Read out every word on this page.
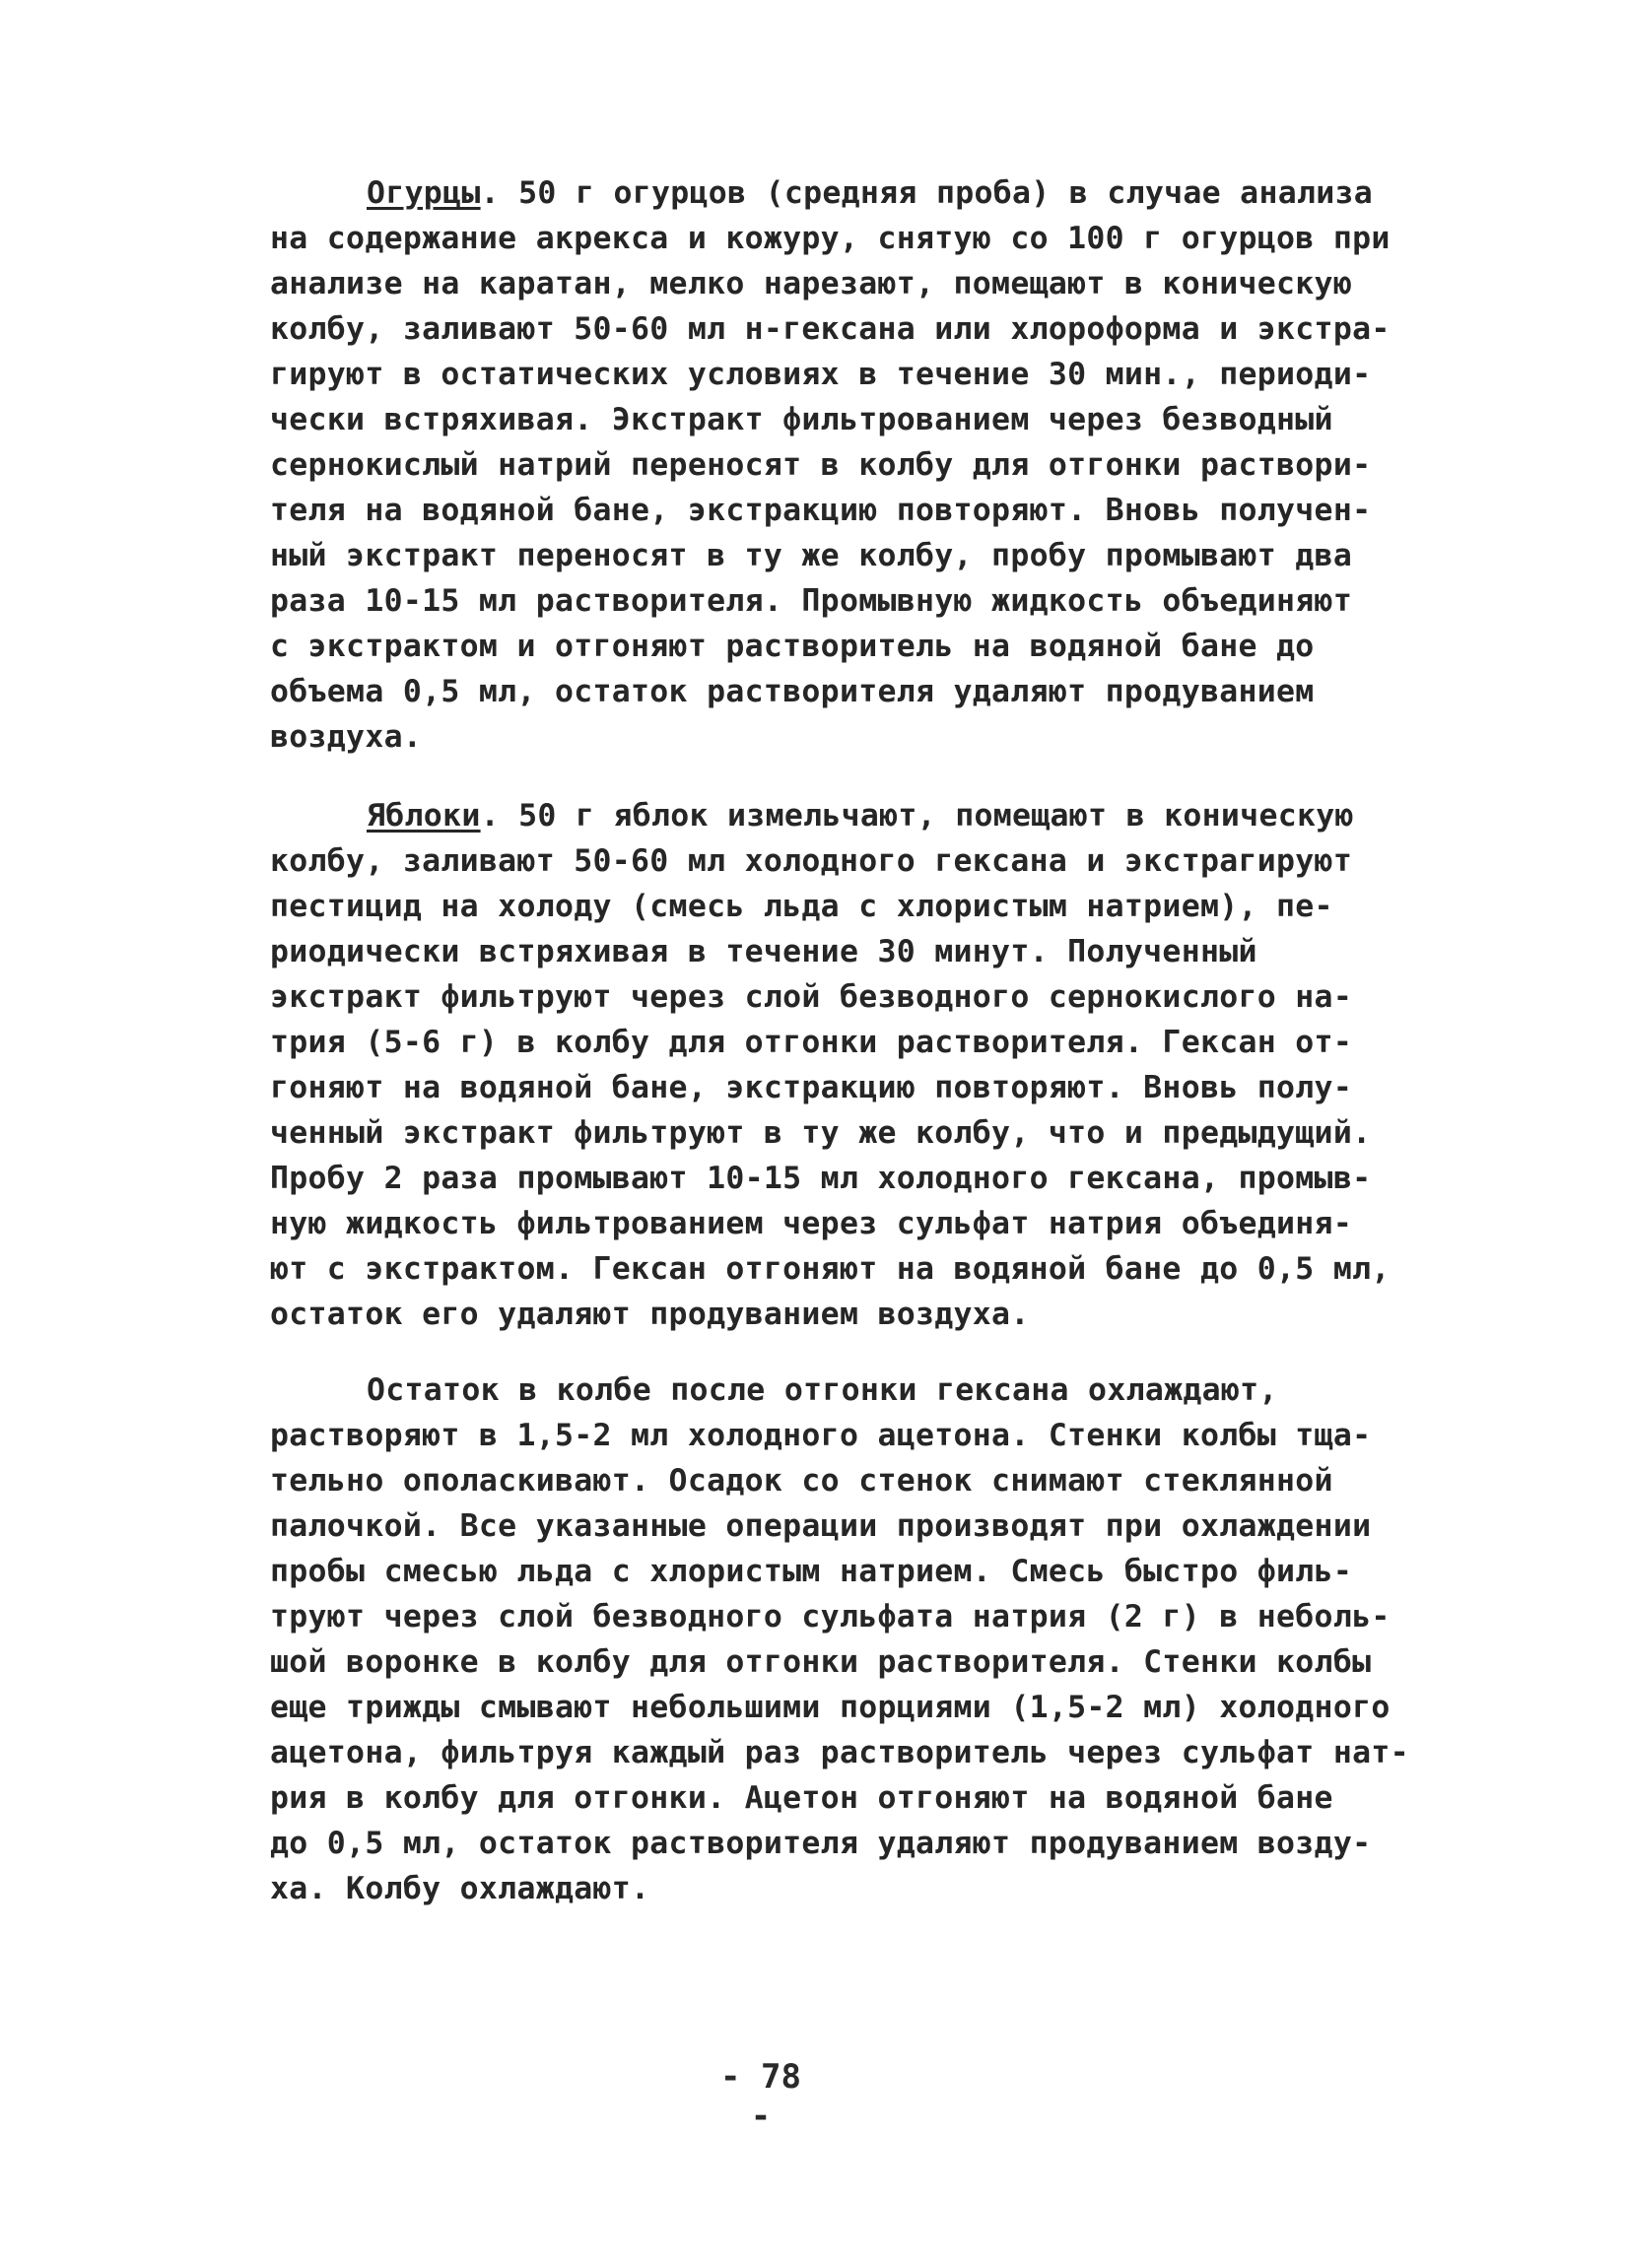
Огурцы. 50 г огурцов (средняя проба) в случае анализа
на содержание акрекса и кожуру, снятую со 100 г огурцов при
анализе на каратан, мелко нарезают, помещают в коническую
колбу, заливают 50-60 мл н-гексана или хлороформа и экстра-
гируют в остатических условиях в течение 30 мин., периоди-
чески встряхивая. Экстракт фильтрованием через безводный
сернокислый натрий переносят в колбу для отгонки раствори-
теля на водяной бане, экстракцию повторяют. Вновь получен-
ный экстракт переносят в ту же колбу, пробу промывают два
раза 10-15 мл растворителя. Промывную жидкость объединяют
с экстрактом и отгоняют растворитель на водяной бане до
объема 0,5 мл, остаток растворителя удаляют продуванием
воздуха.
Яблоки. 50 г яблок измельчают, помещают в коническую
колбу, заливают 50-60 мл холодного гексана и экстрагируют
пестицид на холоду (смесь льда с хлористым натрием), пе-
риодически встряхивая в течение 30 минут. Полученный
экстракт фильтруют через слой безводного сернокислого на-
трия (5-6 г) в колбу для отгонки растворителя. Гексан от-
гоняют на водяной бане, экстракцию повторяют. Вновь полу-
ченный экстракт фильтруют в ту же колбу, что и предыдущий.
Пробу 2 раза промывают 10-15 мл холодного гексана, промыв-
ную жидкость фильтрованием через сульфат натрия объединя-
ют с экстрактом. Гексан отгоняют на водяной бане до 0,5 мл,
остаток его удаляют продуванием воздуха.
Остаток в колбе после отгонки гексана охлаждают,
растворяют в 1,5-2 мл холодного ацетона. Стенки колбы тща-
тельно ополаскивают. Осадок со стенок снимают стеклянной
палочкой. Все указанные операции производят при охлаждении
пробы смесью льда с хлористым натрием. Смесь быстро филь-
труют через слой безводного сульфата натрия (2 г) в неболь-
шой воронке в колбу для отгонки растворителя. Стенки колбы
еще трижды смывают небольшими порциями (1,5-2 мл) холодного
ацетона, фильтруя каждый раз растворитель через сульфат нат-
рия в колбу для отгонки. Ацетон отгоняют на водяной бане
до 0,5 мл, остаток растворителя удаляют продуванием возду-
ха. Колбу охлаждают.
- 78 -
